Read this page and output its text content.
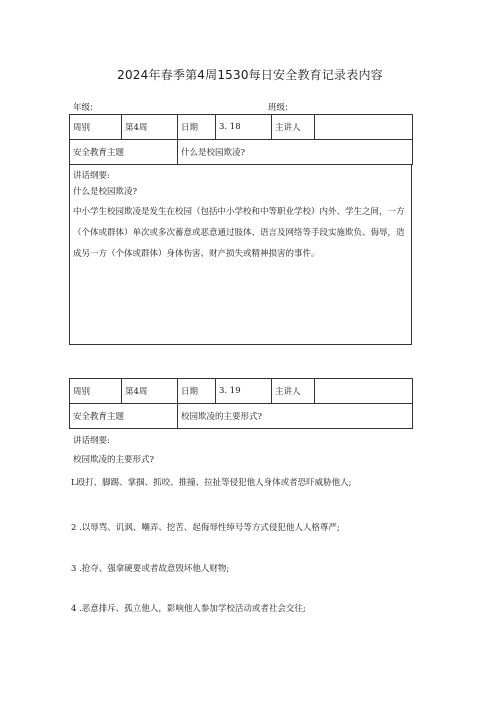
2024年春季第4周1530每日安全教育记录表内容
年级:	班级:
周别	第4周	日期	3. 18	主讲人	
安全教育主题		什么是校园欺凌?			

讲话纲要:

什么是校园欺凌?

中小学生校园欺凌是发生在校园（包括中小学校和中等职业学校）内外、学生之间，一方（个体或群体）单次或多次蓄意或恶意通过肢体、语言及网络等手段实施欺负、侮辱，造成另一方（个体或群体）身体伤害、财产损失或精神损害的事件。

周别	第4周	日期	3. 19	主讲人	
安全教育主题		校园欺凌的主要形式?			
讲话纲要:
校园欺凌的主要形式?
L殴打、脚踢、掌掴、抓咬、推撞、拉扯等侵犯他人身体或者恐吓威胁他人;
2 .以辱骂、讥讽、嘲弄、挖苦、起侮辱性绰号等方式侵犯他人人格尊严;
3 .抢夺、强拿硬要或者故意毁坏他人财物;
4 .恶意排斥、孤立他人，影响他人参加学校活动或者社会交往;
